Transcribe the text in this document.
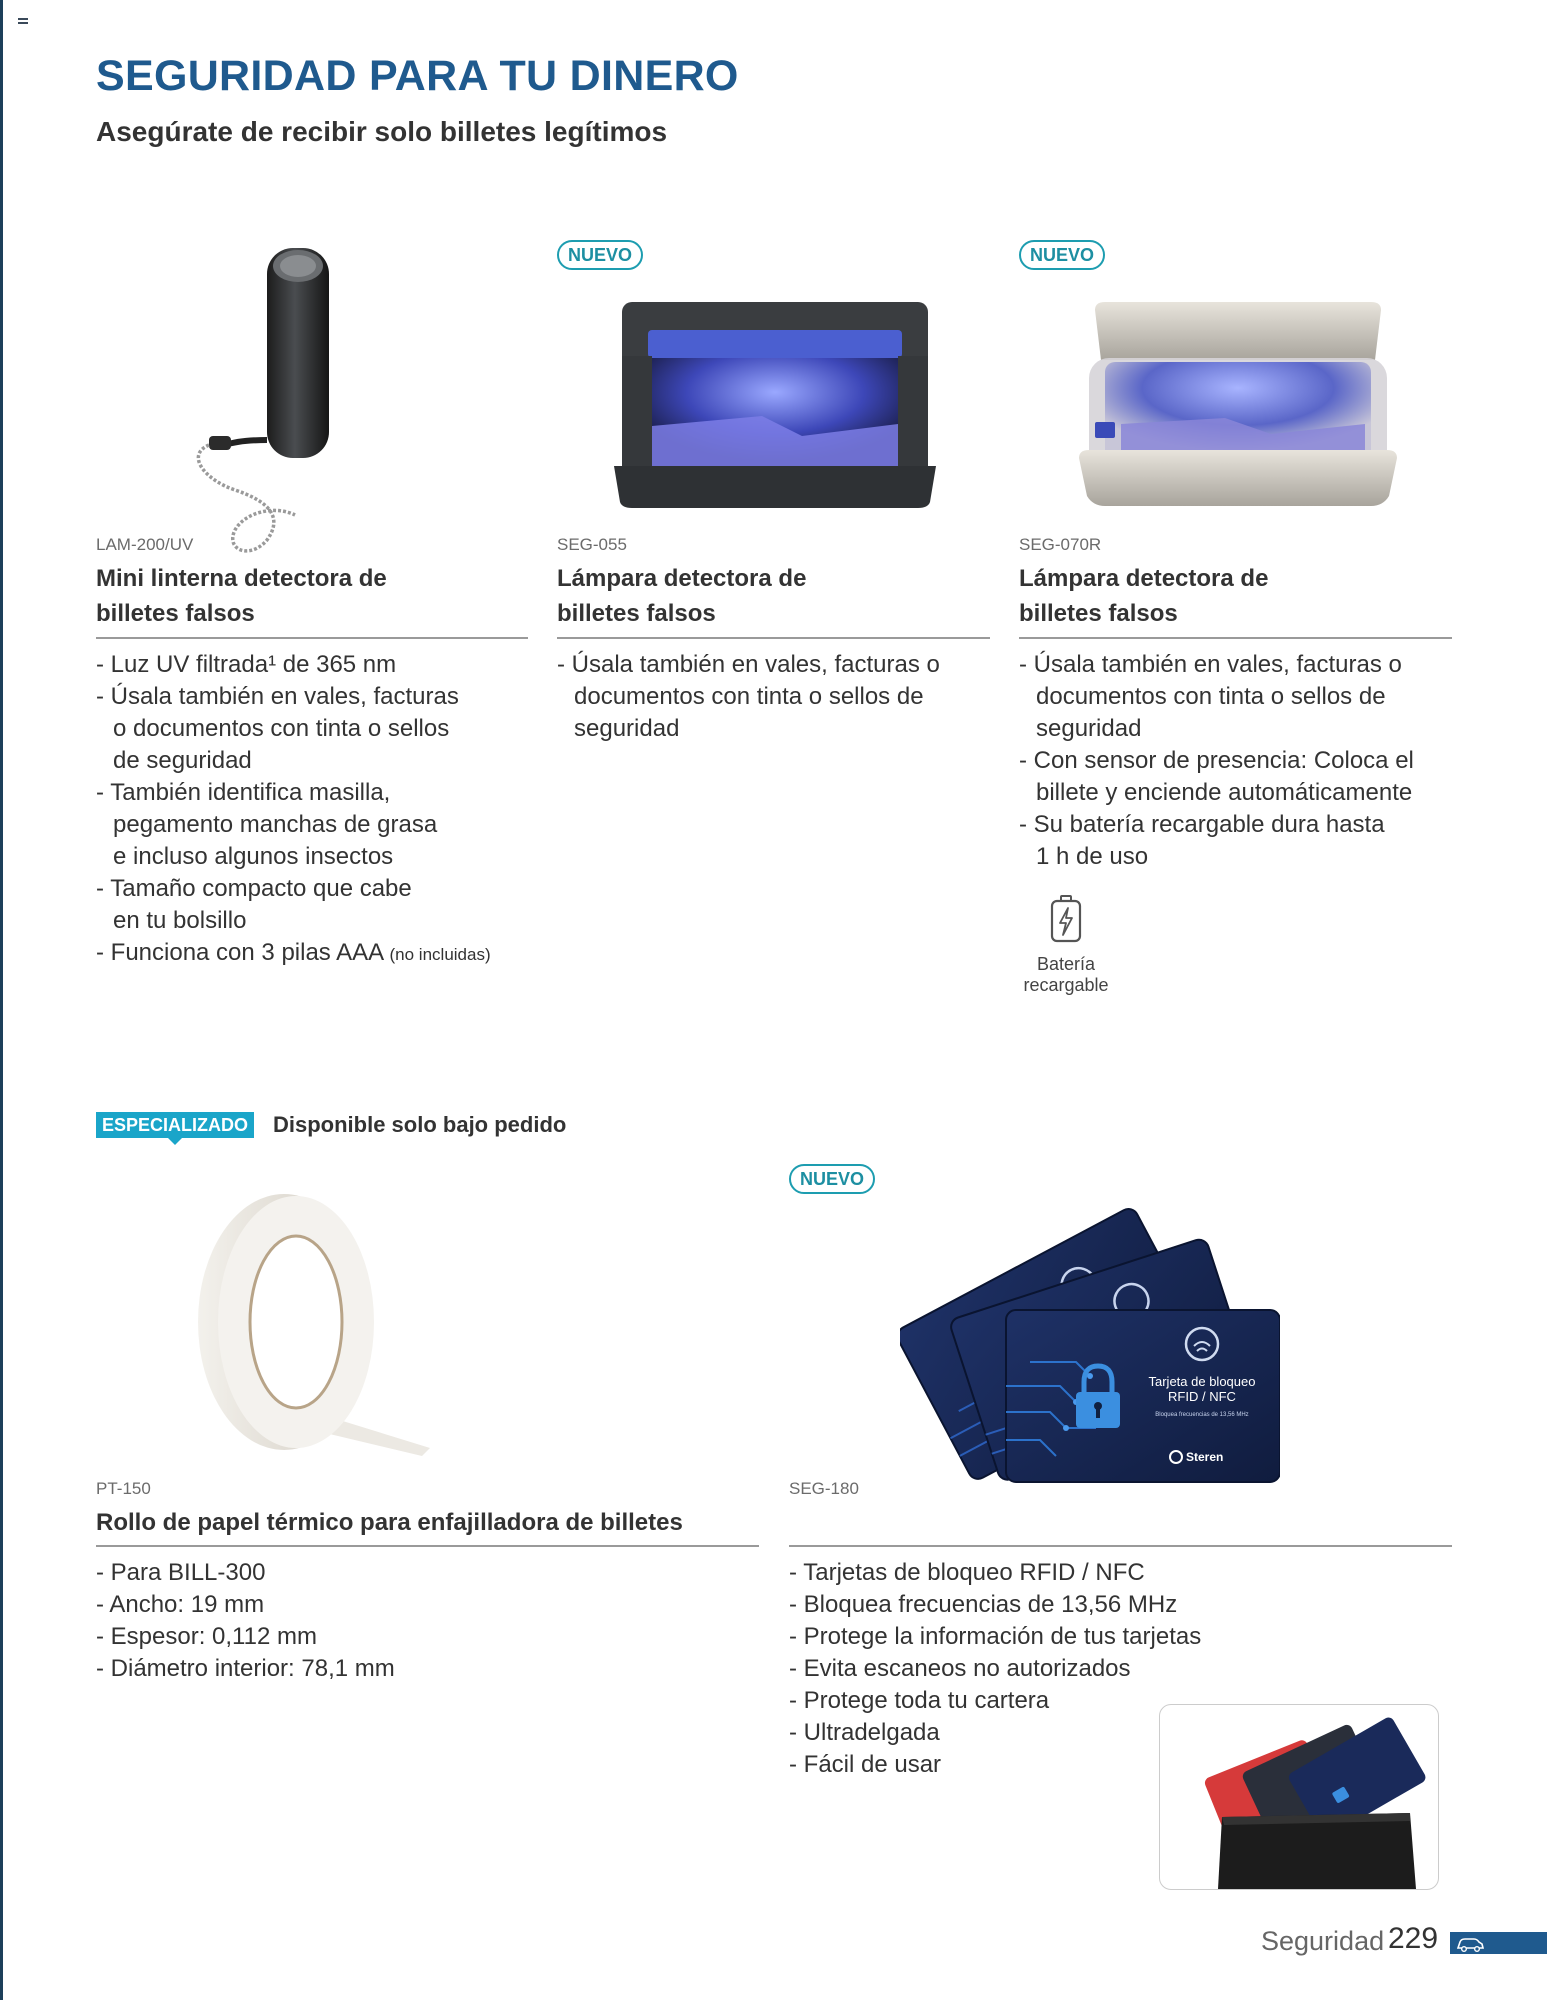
SEGURIDAD PARA TU DINERO
Asegúrate de recibir solo billetes legítimos
LAM-200/UV
Mini linterna detectora de
billetes falsos
- Luz UV filtrada¹ de 365 nm
- Úsala también en vales, facturas
o documentos con tinta o sellos
de seguridad
- También identifica masilla,
pegamento manchas de grasa
e incluso algunos insectos
- Tamaño compacto que cabe
en tu bolsillo
- Funciona con 3 pilas AAA (no incluidas)
NUEVO
SEG-055
Lámpara detectora de
billetes falsos
- Úsala también en vales, facturas o
documentos con tinta o sellos de
seguridad
NUEVO
SEG-070R
Lámpara detectora de
billetes falsos
- Úsala también en vales, facturas o
documentos con tinta o sellos de
seguridad
- Con sensor de presencia: Coloca el
billete y enciende automáticamente
- Su batería recargable dura hasta
1 h de uso
Batería
recargable
ESPECIALIZADO Disponible solo bajo pedido
PT-150
Rollo de papel térmico para enfajilladora de billetes
- Para BILL-300
- Ancho: 19 mm
- Espesor: 0,112 mm
- Diámetro interior: 78,1 mm
NUEVO
Tarjeta de bloqueo
RFID / NFC
Bloquea frecuencias de 13,56 MHz
Steren
SEG-180
- Tarjetas de bloqueo RFID / NFC
- Bloquea frecuencias de 13,56 MHz
- Protege la información de tus tarjetas
- Evita escaneos no autorizados
- Protege toda tu cartera
- Ultradelgada
- Fácil de usar
Seguridad 229
